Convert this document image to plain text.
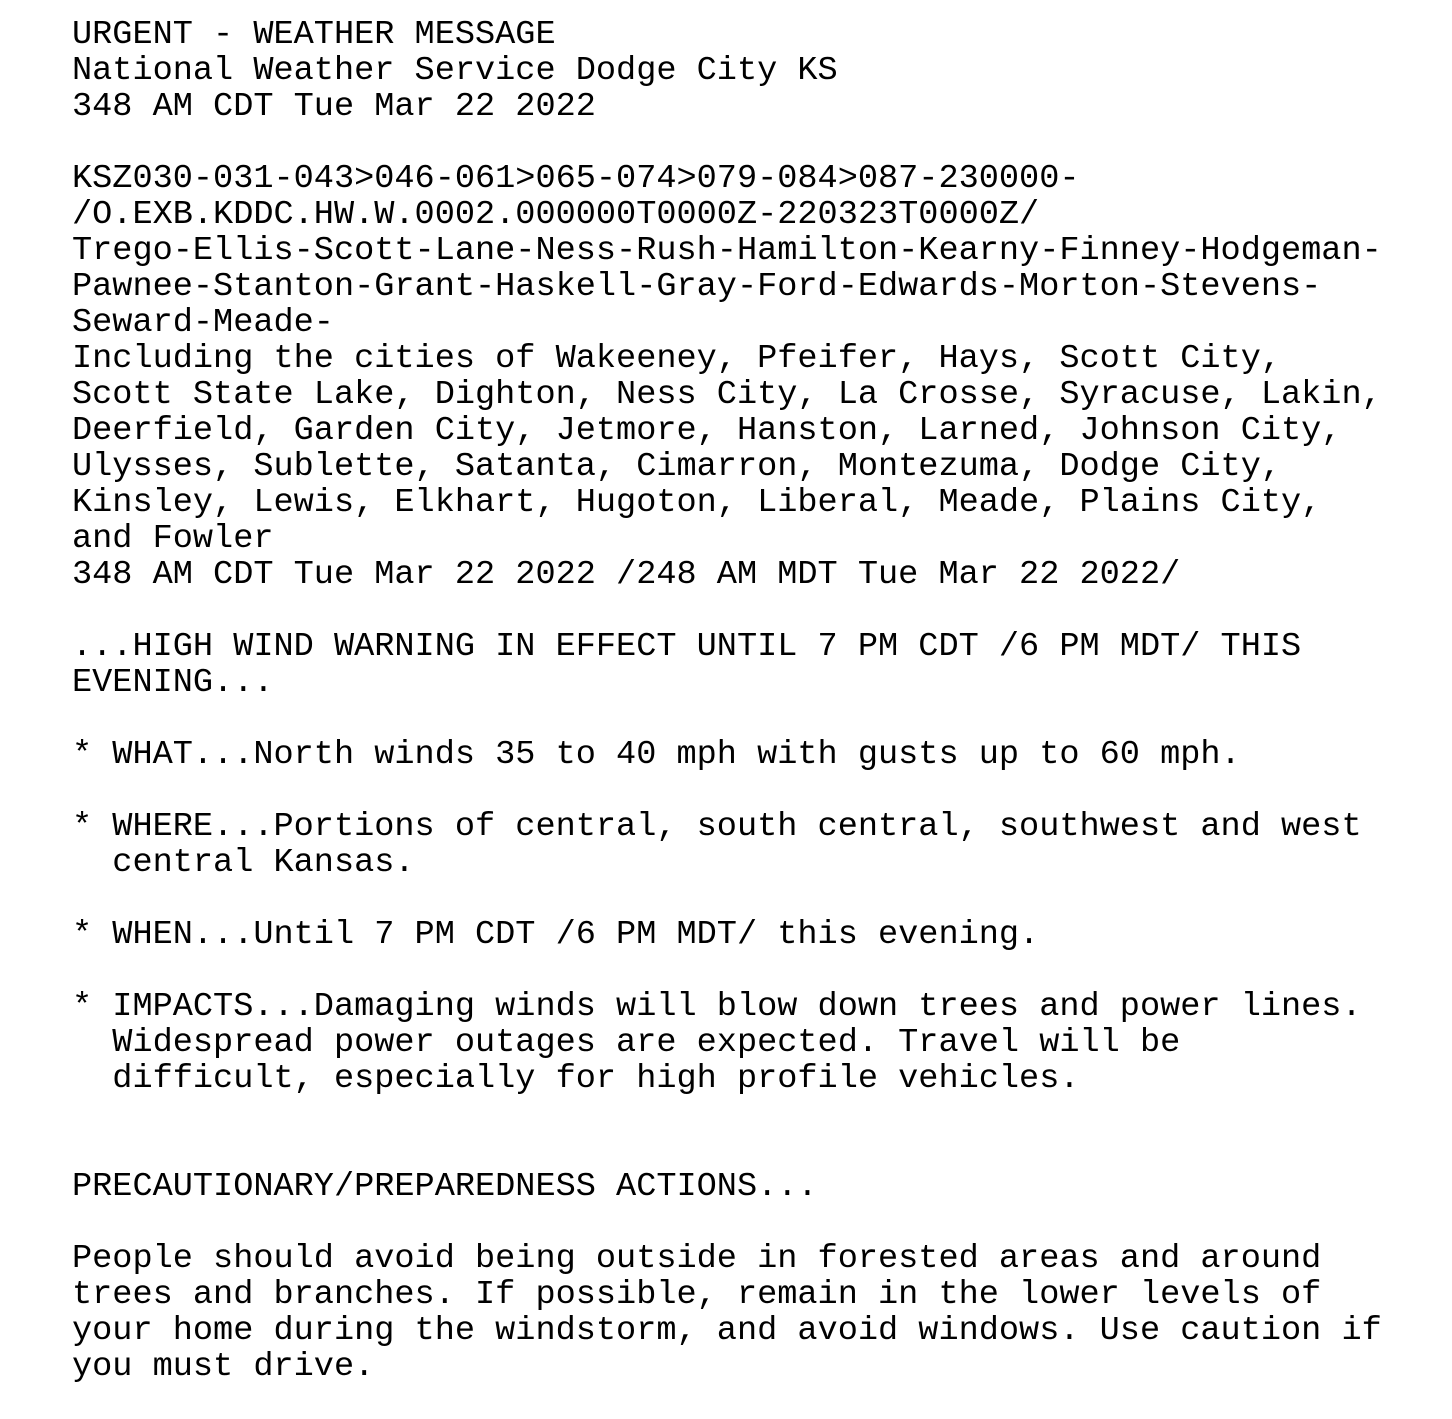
URGENT - WEATHER MESSAGE
National Weather Service Dodge City KS
348 AM CDT Tue Mar 22 2022
KSZ030-031-043>046-061>065-074>079-084>087-230000-
/O.EXB.KDDC.HW.W.0002.000000T0000Z-220323T0000Z/
Trego-Ellis-Scott-Lane-Ness-Rush-Hamilton-Kearny-Finney-Hodgeman-
Pawnee-Stanton-Grant-Haskell-Gray-Ford-Edwards-Morton-Stevens-
Seward-Meade-
Including the cities of Wakeeney, Pfeifer, Hays, Scott City,
Scott State Lake, Dighton, Ness City, La Crosse, Syracuse, Lakin,
Deerfield, Garden City, Jetmore, Hanston, Larned, Johnson City,
Ulysses, Sublette, Satanta, Cimarron, Montezuma, Dodge City,
Kinsley, Lewis, Elkhart, Hugoton, Liberal, Meade, Plains City,
and Fowler
348 AM CDT Tue Mar 22 2022 /248 AM MDT Tue Mar 22 2022/
...HIGH WIND WARNING IN EFFECT UNTIL 7 PM CDT /6 PM MDT/ THIS
EVENING...
* WHAT...North winds 35 to 40 mph with gusts up to 60 mph.
* WHERE...Portions of central, south central, southwest and west
central Kansas.
* WHEN...Until 7 PM CDT /6 PM MDT/ this evening.
* IMPACTS...Damaging winds will blow down trees and power lines.
Widespread power outages are expected. Travel will be
difficult, especially for high profile vehicles.
PRECAUTIONARY/PREPAREDNESS ACTIONS...
People should avoid being outside in forested areas and around
trees and branches. If possible, remain in the lower levels of
your home during the windstorm, and avoid windows. Use caution if
you must drive.
